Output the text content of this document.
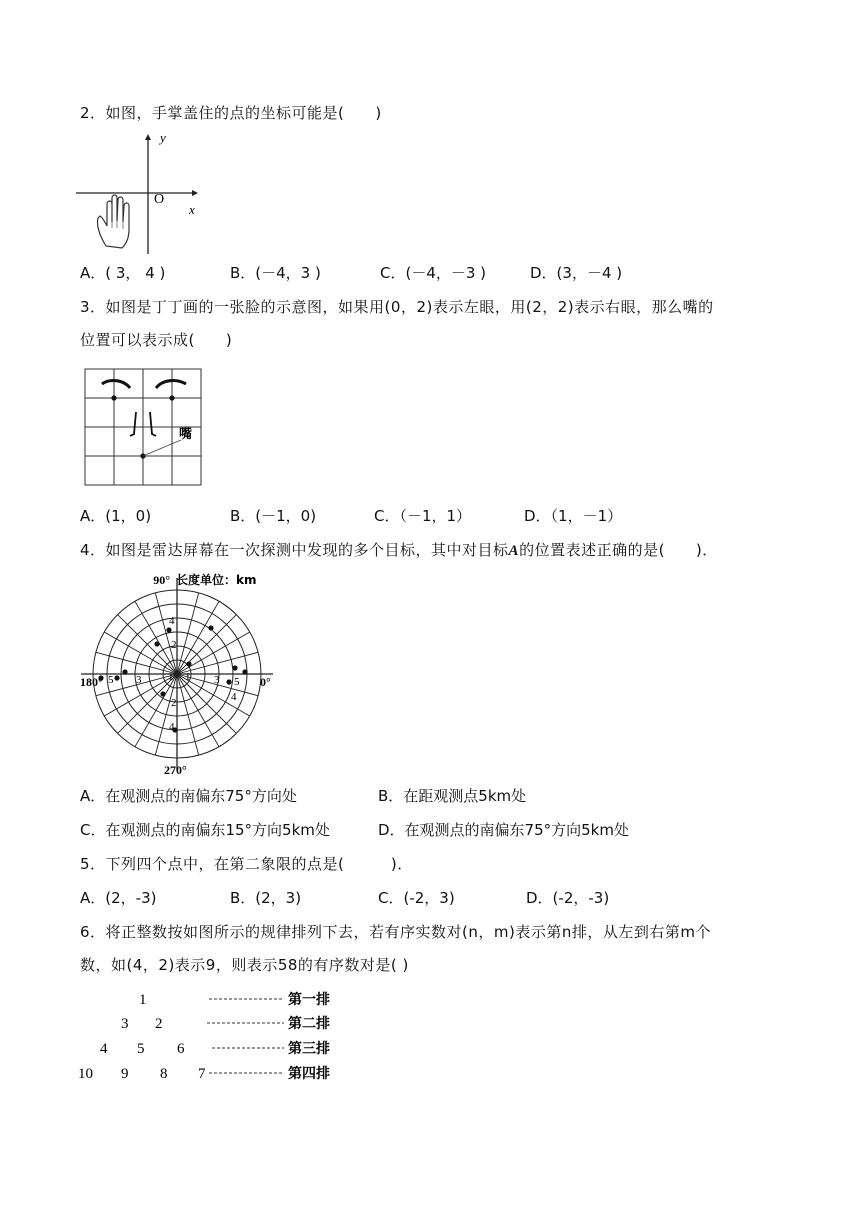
2．如图，手掌盖住的点的坐标可能是(　　)
y
x
O
A．( 3， 4 )	B．(－4，3 )	C．(－4，－3 )	D．(3，－4 )
3．如图是丁丁画的一张脸的示意图，如果用(0，2)表示左眼，用(2，2)表示右眼，那么嘴的
位置可以表示成(　　)
嘴
A．(1，0)	B．(－1，0)	C．（－1，1）	D．（1，－1）
4．如图是雷达屏幕在一次探测中发现的多个目标，其中对目标A的位置表述正确的是(　　)．
90° 长度单位：km
180°	0°
270°
1 3 5
1
3
5
2
4
2
4
4
A．在观测点的南偏东75°方向处	B．在距观测点5km处
C．在观测点的南偏东15°方向5km处	D．在观测点的南偏东75°方向5km处
5．下列四个点中，在第二象限的点是(　　　)．
A．(2，-3)	B．(2，3)	C．(-2，3)	D．(-2，-3)
6．将正整数按如图所示的规律排列下去，若有序实数对(n，m)表示第n排，从左到右第m个
数，如(4，2)表示9，则表示58的有序数对是( )
1
3 2
4 5 6
10 9 8 7
第一排
第二排
第三排
第四排
